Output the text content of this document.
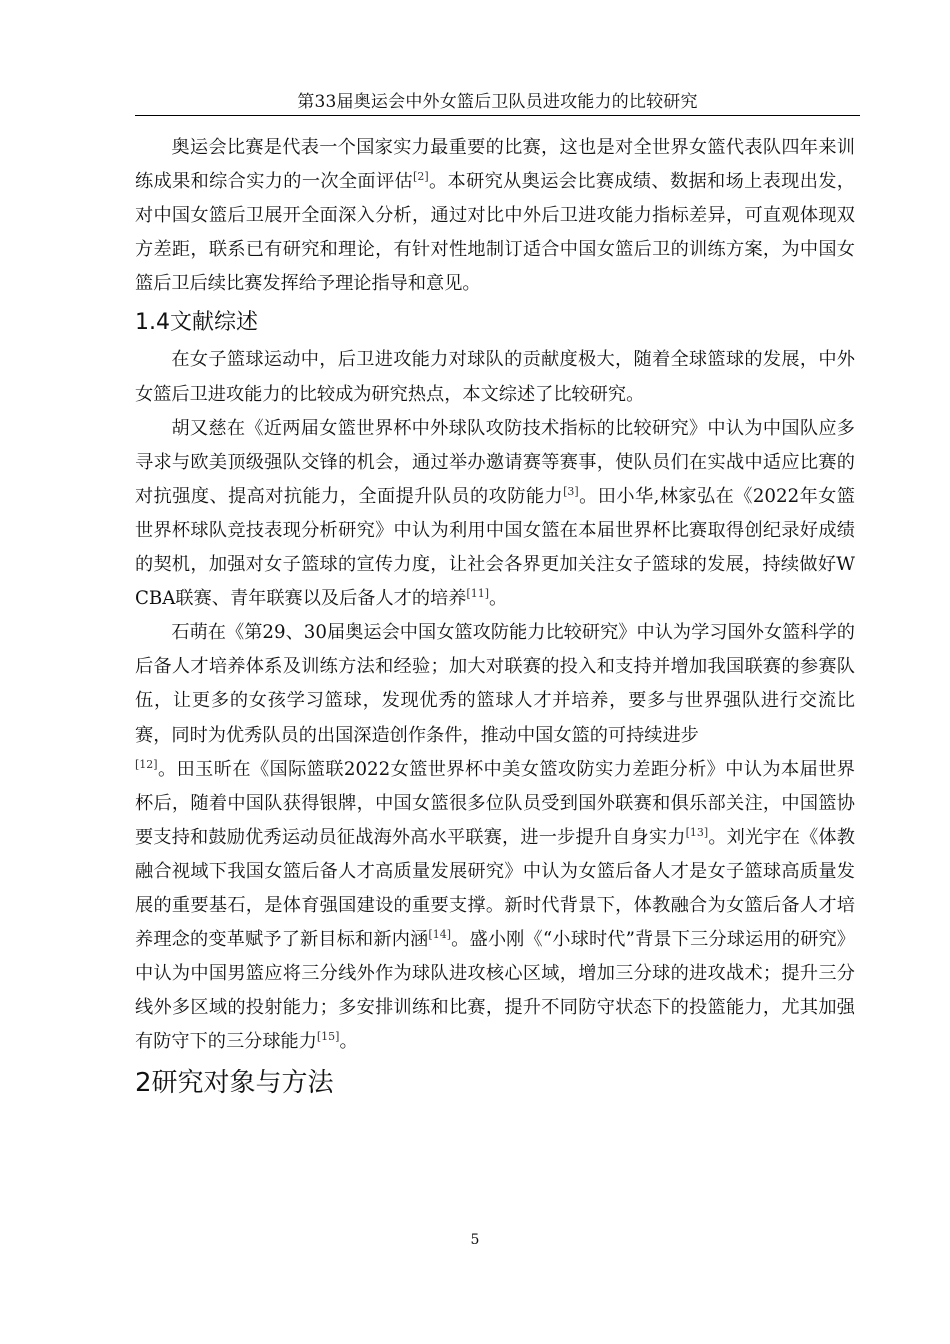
第33届奥运会中外女篮后卫队员进攻能力的比较研究

奥运会比赛是代表一个国家实力最重要的比赛，这也是对全世界女篮代表队四年来训练成果和综合实力的一次全面评估[2]。本研究从奥运会比赛成绩、数据和场上表现出发，对中国女篮后卫展开全面深入分析，通过对比中外后卫进攻能力指标差异，可直观体现双方差距，联系已有研究和理论，有针对性地制订适合中国女篮后卫的训练方案，为中国女篮后卫后续比赛发挥给予理论指导和意见。

1.4文献综述

在女子篮球运动中，后卫进攻能力对球队的贡献度极大，随着全球篮球的发展，中外女篮后卫进攻能力的比较成为研究热点，本文综述了比较研究。

胡又慈在《近两届女篮世界杯中外球队攻防技术指标的比较研究》中认为中国队应多寻求与欧美顶级强队交锋的机会，通过举办邀请赛等赛事，使队员们在实战中适应比赛的对抗强度、提高对抗能力，全面提升队员的攻防能力[3]。田小华,林家弘在《2022年女篮世界杯球队竞技表现分析研究》中认为利用中国女篮在本届世界杯比赛取得创纪录好成绩的契机，加强对女子篮球的宣传力度，让社会各界更加关注女子篮球的发展，持续做好WCBA联赛、青年联赛以及后备人才的培养[11]。

石萌在《第29、30届奥运会中国女篮攻防能力比较研究》中认为学习国外女篮科学的后备人才培养体系及训练方法和经验；加大对联赛的投入和支持并增加我国联赛的参赛队伍，让更多的女孩学习篮球，发现优秀的篮球人才并培养，要多与世界强队进行交流比赛，同时为优秀队员的出国深造创作条件，推动中国女篮的可持续进步

[12]。田玉昕在《国际篮联2022女篮世界杯中美女篮攻防实力差距分析》中认为本届世界杯后，随着中国队获得银牌，中国女篮很多位队员受到国外联赛和俱乐部关注，中国篮协要支持和鼓励优秀运动员征战海外高水平联赛，进一步提升自身实力[13]。刘光宇在《体教融合视域下我国女篮后备人才高质量发展研究》中认为女篮后备人才是女子篮球高质量发展的重要基石，是体育强国建设的重要支撑。新时代背景下，体教融合为女篮后备人才培养理念的变革赋予了新目标和新内涵[14]。盛小刚《“小球时代”背景下三分球运用的研究》中认为中国男篮应将三分线外作为球队进攻核心区域，增加三分球的进攻战术；提升三分线外多区域的投射能力；多安排训练和比赛，提升不同防守状态下的投篮能力，尤其加强有防守下的三分球能力[15]。

2研究对象与方法
5
